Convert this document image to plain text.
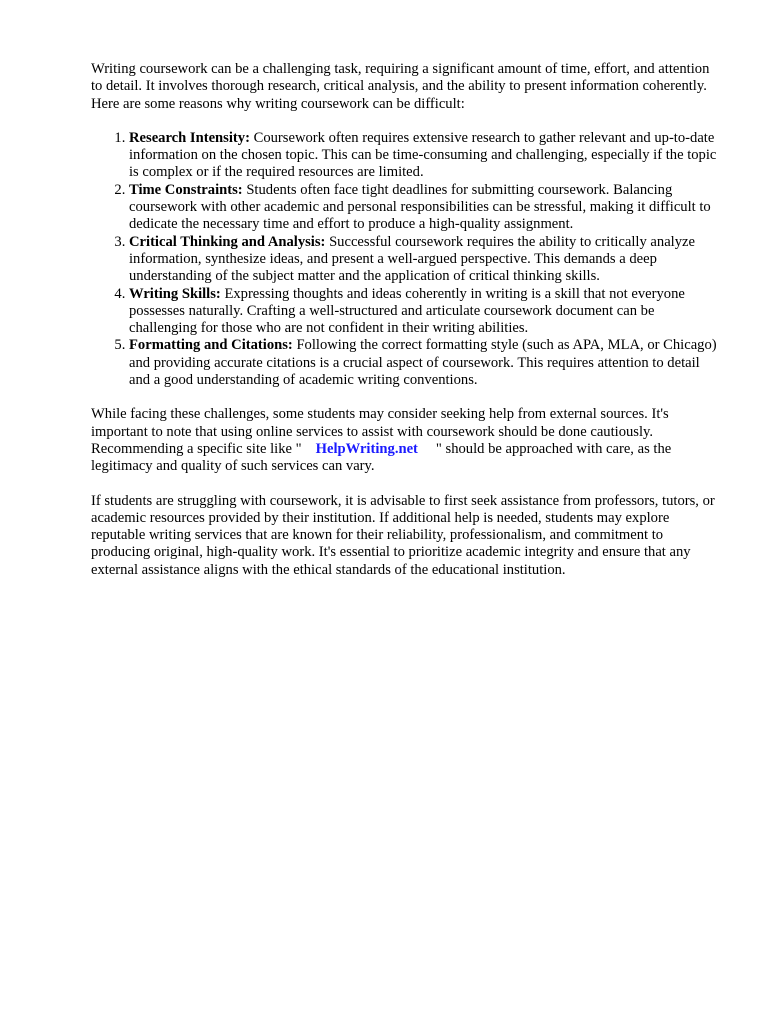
Writing coursework can be a challenging task, requiring a significant amount of time, effort, and attention to detail. It involves thorough research, critical analysis, and the ability to present information coherently. Here are some reasons why writing coursework can be difficult:

1. Research Intensity: Coursework often requires extensive research to gather relevant and up-to-date information on the chosen topic. This can be time-consuming and challenging, especially if the topic is complex or if the required resources are limited.
2. Time Constraints: Students often face tight deadlines for submitting coursework. Balancing coursework with other academic and personal responsibilities can be stressful, making it difficult to dedicate the necessary time and effort to produce a high-quality assignment.
3. Critical Thinking and Analysis: Successful coursework requires the ability to critically analyze information, synthesize ideas, and present a well-argued perspective. This demands a deep understanding of the subject matter and the application of critical thinking skills.
4. Writing Skills: Expressing thoughts and ideas coherently in writing is a skill that not everyone possesses naturally. Crafting a well-structured and articulate coursework document can be challenging for those who are not confident in their writing abilities.
5. Formatting and Citations: Following the correct formatting style (such as APA, MLA, or Chicago) and providing accurate citations is a crucial aspect of coursework. This requires attention to detail and a good understanding of academic writing conventions.

While facing these challenges, some students may consider seeking help from external sources. It's important to note that using online services to assist with coursework should be done cautiously. Recommending a specific site like " HelpWriting.net " should be approached with care, as the legitimacy and quality of such services can vary.

If students are struggling with coursework, it is advisable to first seek assistance from professors, tutors, or academic resources provided by their institution. If additional help is needed, students may explore reputable writing services that are known for their reliability, professionalism, and commitment to producing original, high-quality work. It's essential to prioritize academic integrity and ensure that any external assistance aligns with the ethical standards of the educational institution.
